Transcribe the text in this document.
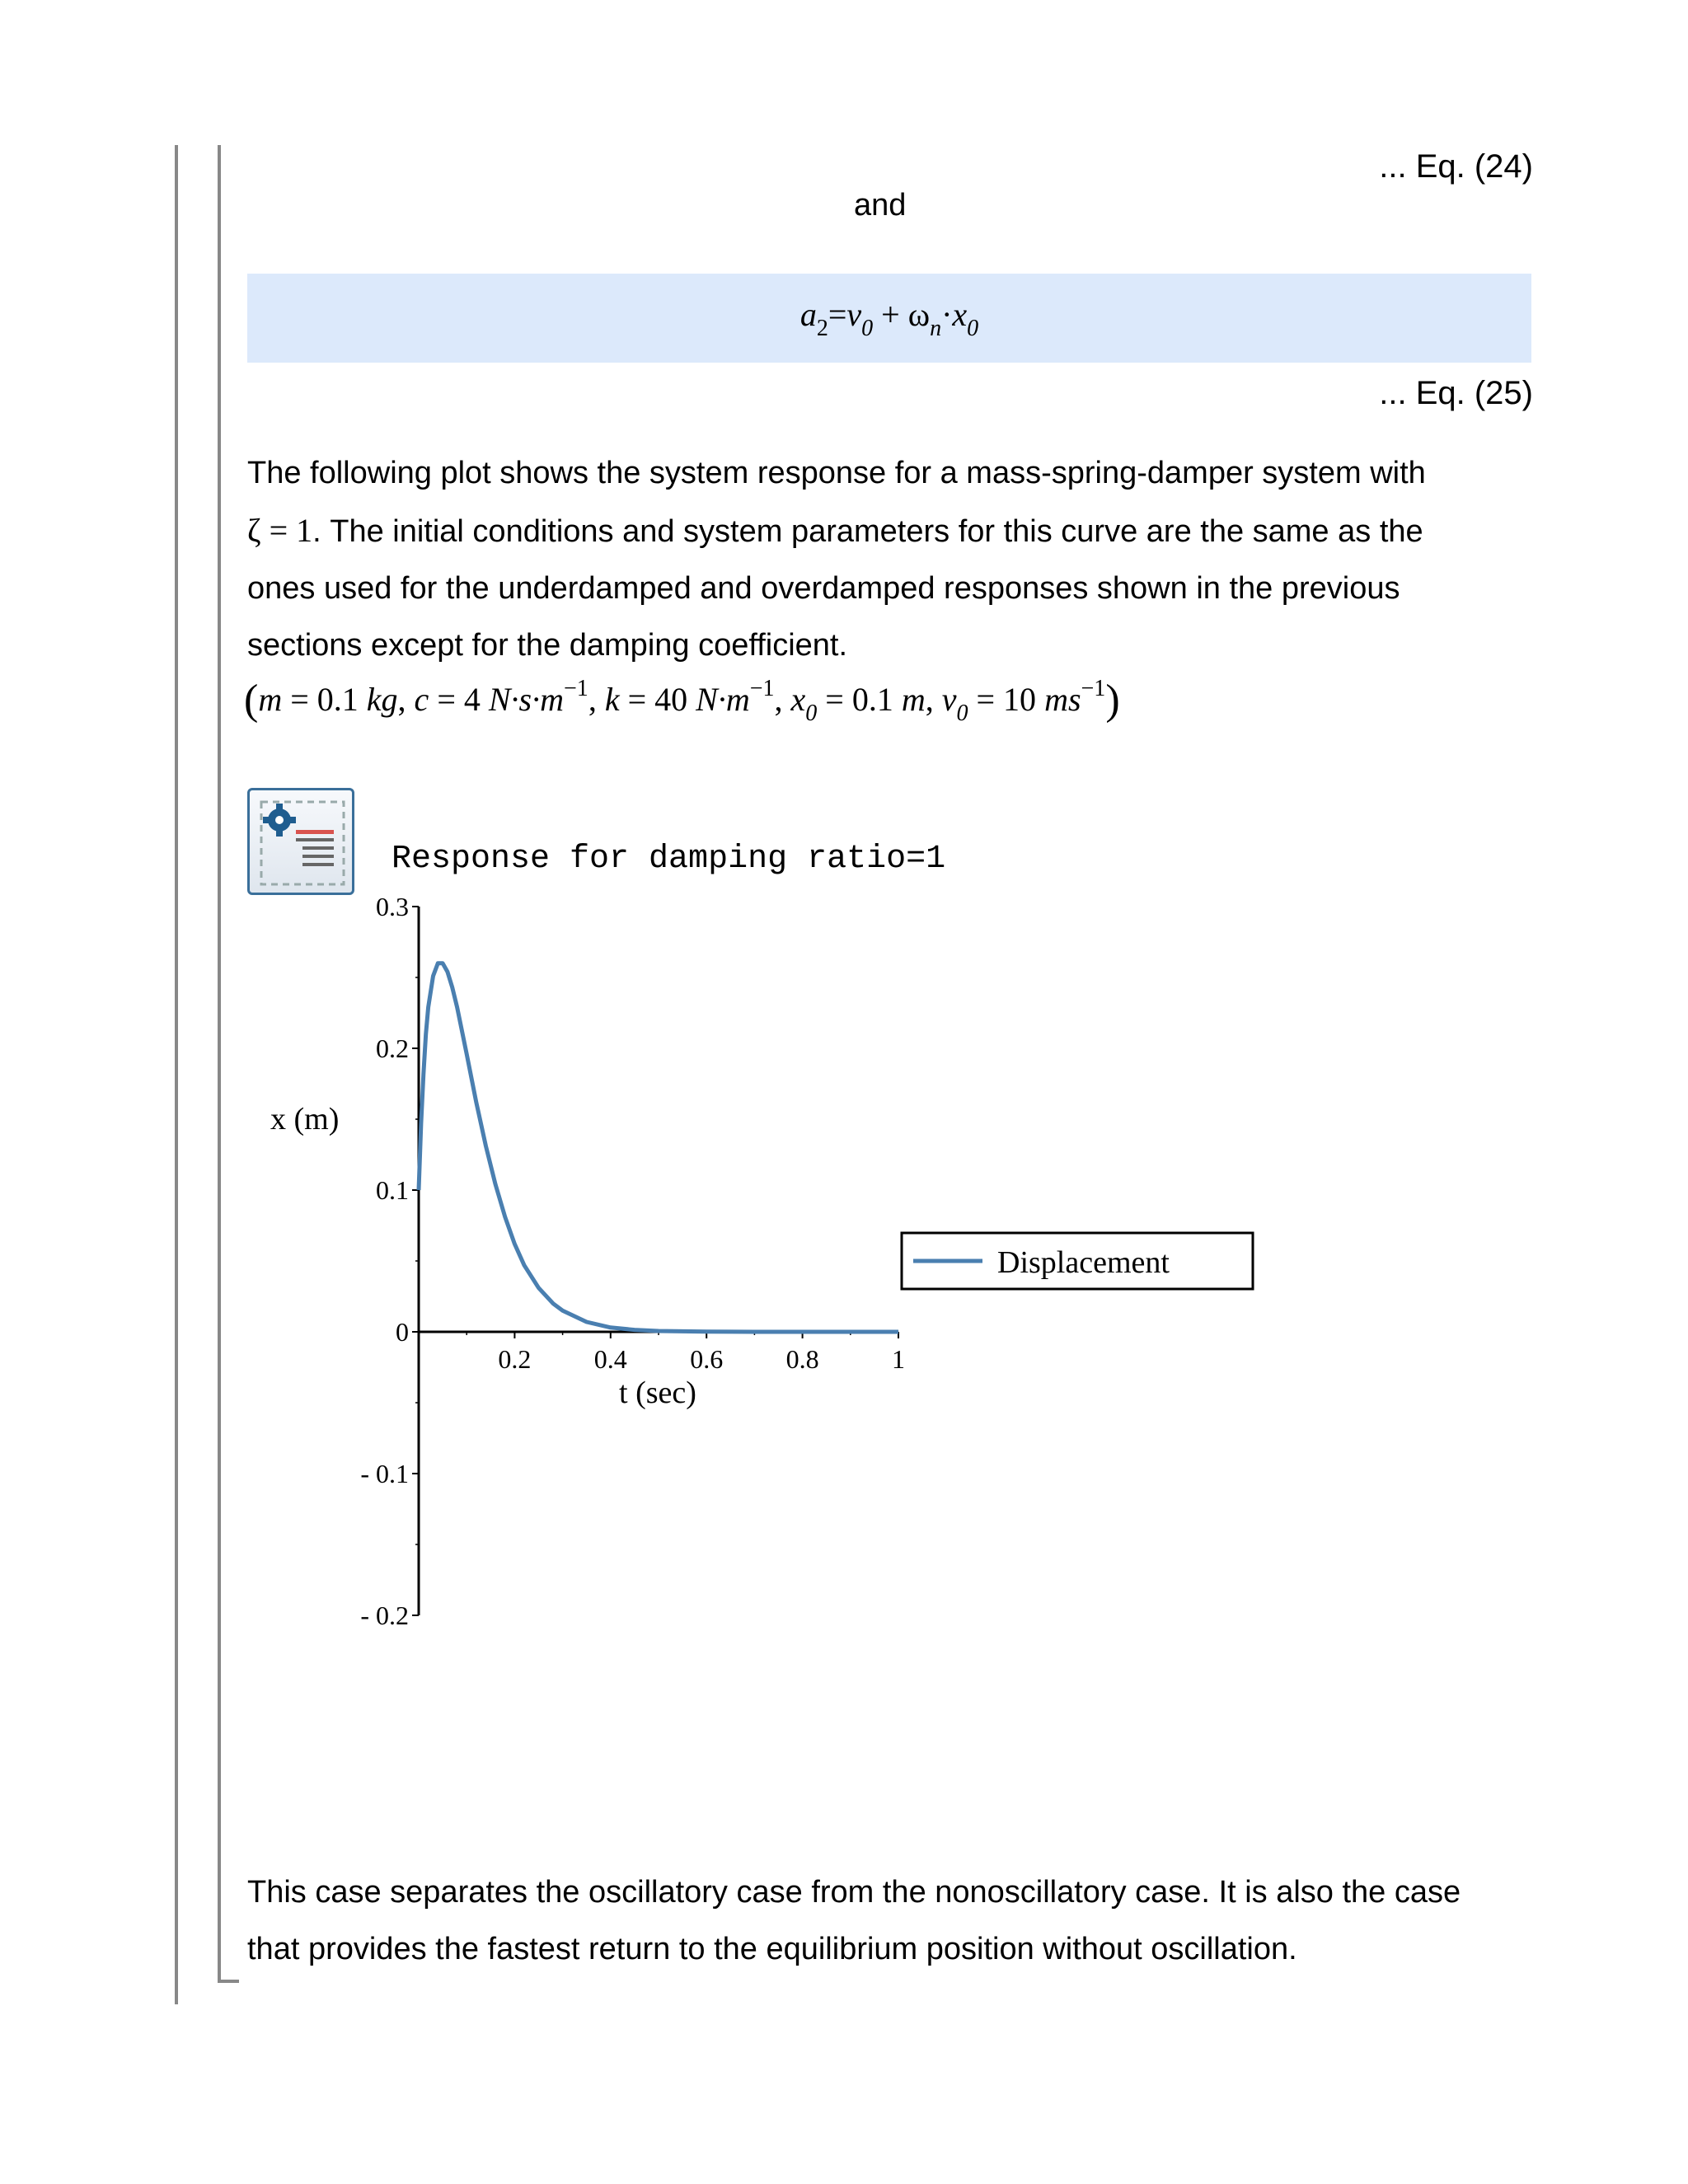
... Eq. (24)
and
$a_2=v_0 + \omega_n\cdot x_0$
... Eq. (25)
The following plot shows the system response for a mass-spring-damper system with
ζ = 1. The initial conditions and system parameters for this curve are the same as the
ones used for the underdamped and overdamped responses shown in the previous
sections except for the damping coefficient.
(m = 0.1 kg, c = 4 $N\cdot s\cdot m^{-1}$, k = 40 $N\cdot m^{-1}$, $x_0 = 0.1$ m, $v_0 = 10$ $ms^{-1}$)
Response for damping ratio=1
x (m)
t (sec)
0.3
0.2
0.1
0
- 0.1
- 0.2
0.2 0.4 0.6 0.8	1
Displacement
This case separates the oscillatory case from the nonoscillatory case. It is also the case
that provides the fastest return to the equilibrium position without oscillation.
